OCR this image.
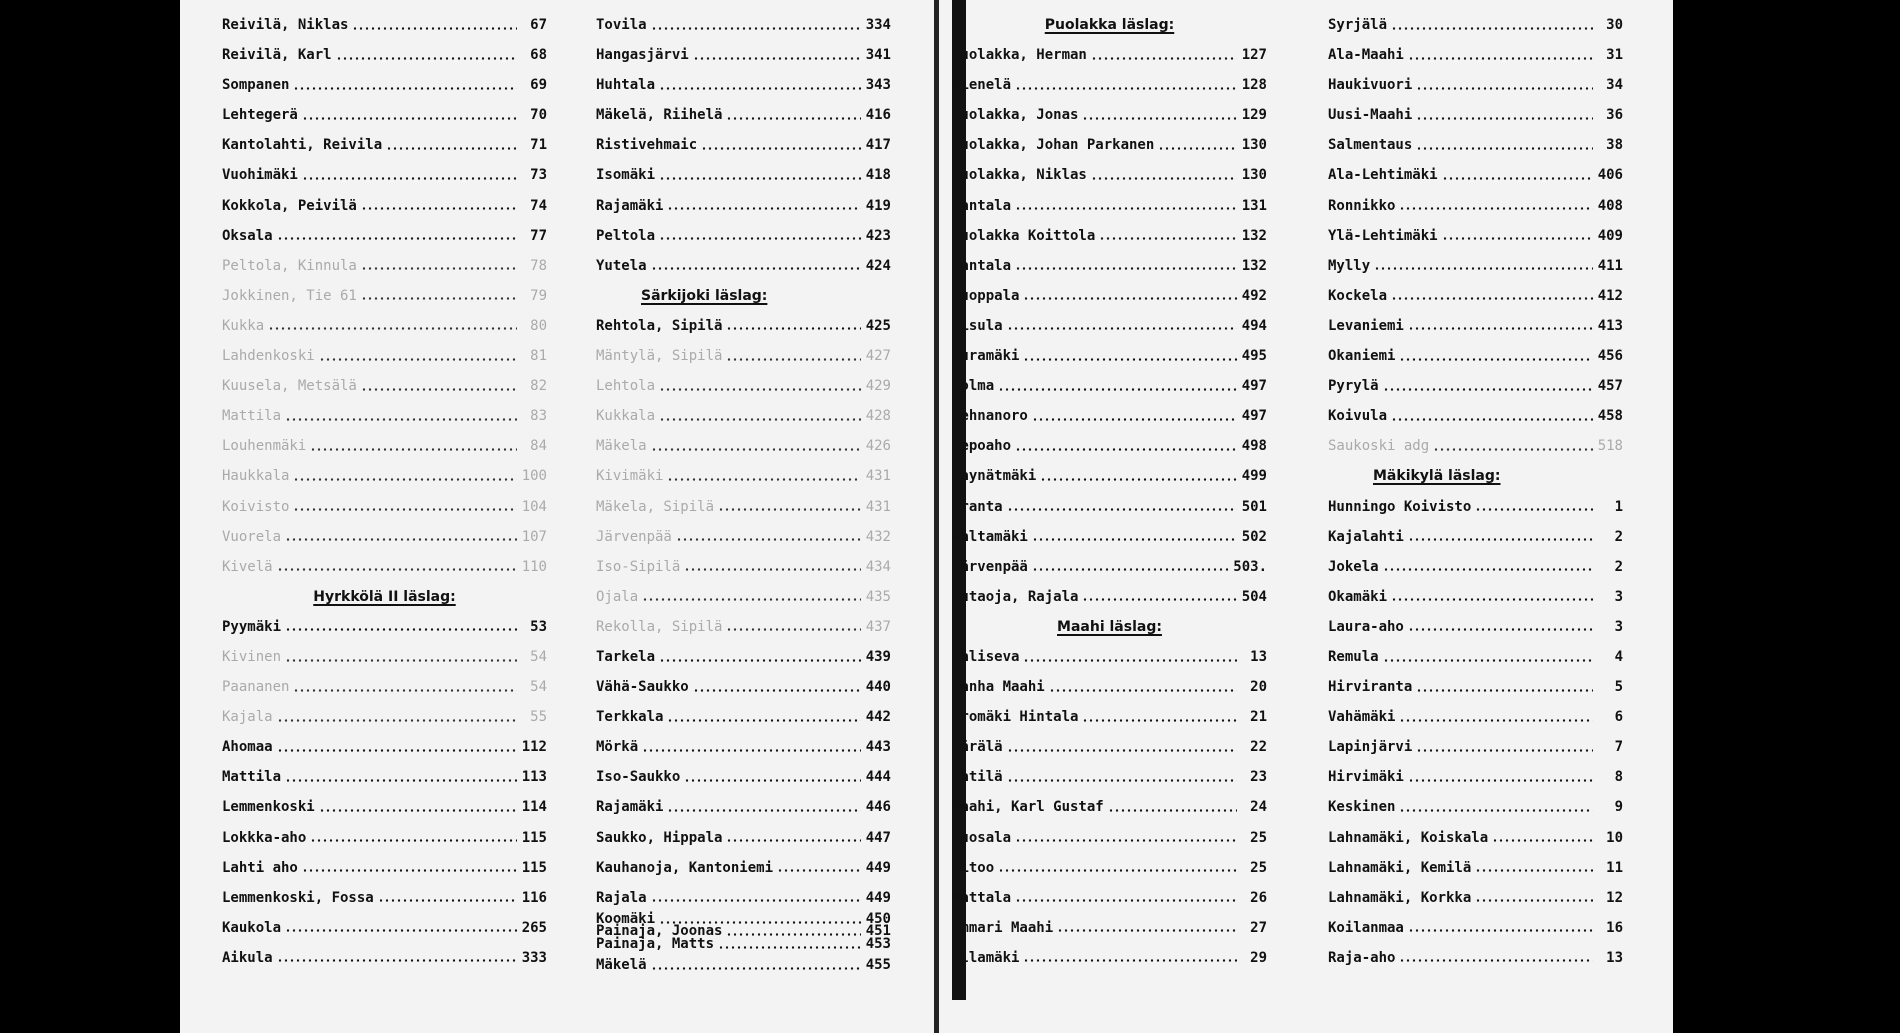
Reivilä, Niklas	67
Reivilä, Karl	68
Sompanen	69
Lehtegerä	70
Kantolahti, Reivila	71
Vuohimäki	73
Kokkola, Peivilä	74
Oksala	77
Peltola, Kinnula	78
Jokkinen, Tie 61	79
Kukka	80
Lahdenkoski	81
Kuusela, Metsälä	82
Mattila	83
Louhenmäki	84
Haukkala	100
Koivisto	104
Vuorela	107
Kivelä	110
Hyrkkölä II läslag:
Pyymäki	53
Kivinen	54
Paananen	54
Kajala	55
Ahomaa	112
Mattila	113
Lemmenkoski	114
Lokkka-aho	115
Lahti aho	115
Lemmenkoski, Fossa	116
Kaukola	265
Aikula	333
Tovila	334
Hangasjärvi	341
Huhtala	343
Mäkelä, Riihelä	416
Ristivehmaic	417
Isomäki	418
Rajamäki	419
Peltola	423
Yutela	424
Särkijoki läslag:
Rehtola, Sipilä	425
Mäntylä, Sipilä	427
Lehtola	429
Kukkala	428
Mäkela	426
Kivimäki	431
Mäkela, Sipilä	431
Järvenpää	432
Iso-Sipilä	434
Ojala	435
Rekolla, Sipilä	437
Tarkela	439
Vähä-Saukko	440
Terkkala	442
Mörkä	443
Iso-Saukko	444
Rajamäki	446
Saukko, Hippala	447
Kauhanoja, Kantoniemi	449
Rajala	449
Koomäki	450
Painaja, Joonas	451
Painaja, Matts	453
Mäkelä	455
Puolakka läslag:
Puolakka, Herman	127
Mienelä	128
Puolakka, Jonas	129
Puolakka, Johan Parkanen	130
Puolakka, Niklas	130
Kantala	131
Puolakka Koittola	132
Rantala	132
Kuoppala	492
Risula	494
Kuramäki	495
Holma	497
Vehnanoro	497
Lepoaho	498
Raynätmäki	499
Aranta	501
Haltamäki	502
Järvenpää	503.
Kutaoja, Rajala	504
Maahi läslag:
Kaliseva	13
Vanha Maahi	20
Aromäki Hintala	21
Pärälä	22
Patilä	23
Maahi, Karl Gustaf	24
Tuosala	25
Aitoo	25
Mattala	26
Ammari Maahi	27
Allamäki	29
Syrjälä	30
Ala-Maahi	31
Haukivuori	34
Uusi-Maahi	36
Salmentaus	38
Ala-Lehtimäki	406
Ronnikko	408
Ylä-Lehtimäki	409
Mylly	411
Kockela	412
Levaniemi	413
Okaniemi	456
Pyrylä	457
Koivula	458
Saukoski adg	518
Mäkikylä läslag:
Hunningo Koivisto	1
Kajalahti	2
Jokela	2
Okamäki	3
Laura-aho	3
Remula	4
Hirviranta	5
Vahämäki	6
Lapinjärvi	7
Hirvimäki	8
Keskinen	9
Lahnamäki, Koiskala	10
Lahnamäki, Kemilä	11
Lahnamäki, Korkka	12
Koilanmaa	16
Raja-aho	13
